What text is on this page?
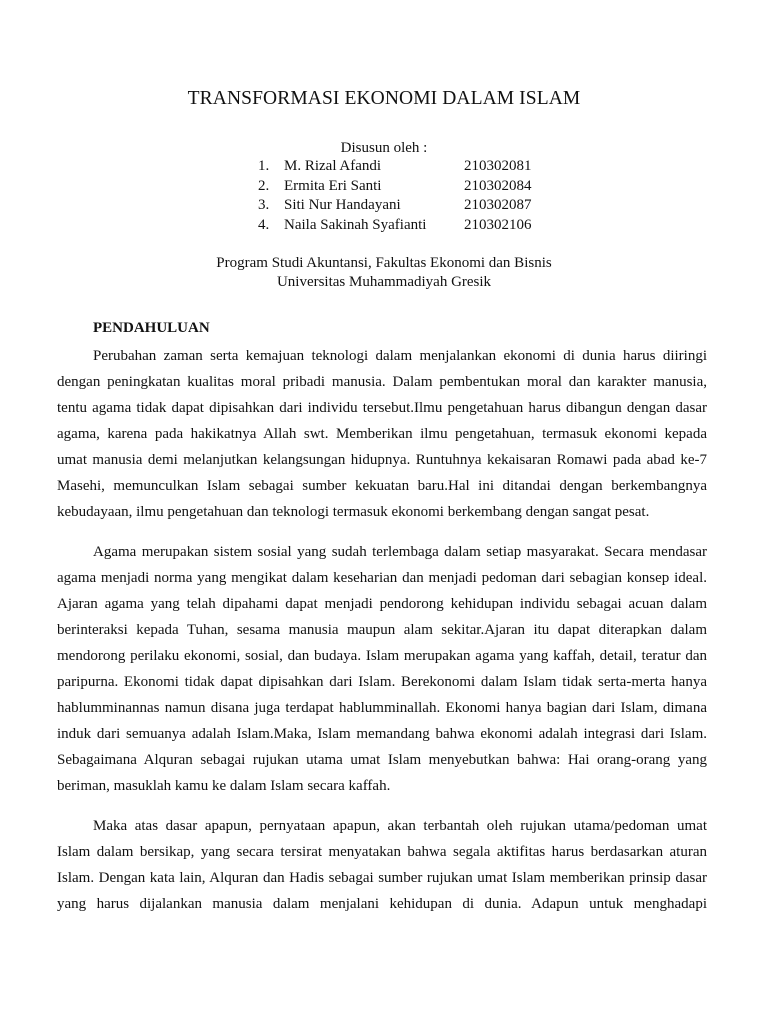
TRANSFORMASI EKONOMI DALAM ISLAM
Disusun oleh :
1. M. Rizal Afandi	210302081
2. Ermita Eri Santi	210302084
3. Siti Nur Handayani	210302087
4. Naila Sakinah Syafianti	210302106
Program Studi Akuntansi, Fakultas Ekonomi dan Bisnis
Universitas Muhammadiyah Gresik
PENDAHULUAN
Perubahan zaman serta kemajuan teknologi dalam menjalankan ekonomi di dunia harus diiringi
dengan peningkatan kualitas moral pribadi manusia. Dalam pembentukan moral dan karakter manusia,
tentu agama tidak dapat dipisahkan dari individu tersebut.Ilmu pengetahuan harus dibangun dengan dasar
agama, karena pada hakikatnya Allah swt. Memberikan ilmu pengetahuan, termasuk ekonomi kepada
umat manusia demi melanjutkan kelangsungan hidupnya. Runtuhnya kekaisaran Romawi pada abad ke-7
Masehi, memunculkan Islam sebagai sumber kekuatan baru.Hal ini ditandai dengan berkembangnya
kebudayaan, ilmu pengetahuan dan teknologi termasuk ekonomi berkembang dengan sangat pesat.
Agama merupakan sistem sosial yang sudah terlembaga dalam setiap masyarakat. Secara mendasar
agama menjadi norma yang mengikat dalam keseharian dan menjadi pedoman dari sebagian konsep ideal.
Ajaran agama yang telah dipahami dapat menjadi pendorong kehidupan individu sebagai acuan dalam
berinteraksi kepada Tuhan, sesama manusia maupun alam sekitar.Ajaran itu dapat diterapkan dalam
mendorong perilaku ekonomi, sosial, dan budaya. Islam merupakan agama yang kaffah, detail, teratur dan
paripurna. Ekonomi tidak dapat dipisahkan dari Islam. Berekonomi dalam Islam tidak serta-merta hanya
hablumminannas namun disana juga terdapat hablumminallah. Ekonomi hanya bagian dari Islam, dimana
induk dari semuanya adalah Islam.Maka, Islam memandang bahwa ekonomi adalah integrasi dari Islam.
Sebagaimana Alquran sebagai rujukan utama umat Islam menyebutkan bahwa: Hai orang-orang yang
beriman, masuklah kamu ke dalam Islam secara kaffah.
Maka atas dasar apapun, pernyataan apapun, akan terbantah oleh rujukan utama/pedoman umat
Islam dalam bersikap, yang secara tersirat menyatakan bahwa segala aktifitas harus berdasarkan aturan
Islam. Dengan kata lain, Alquran dan Hadis sebagai sumber rujukan umat Islam memberikan prinsip dasar
yang harus dijalankan manusia dalam menjalani kehidupan di dunia. Adapun untuk menghadapi
